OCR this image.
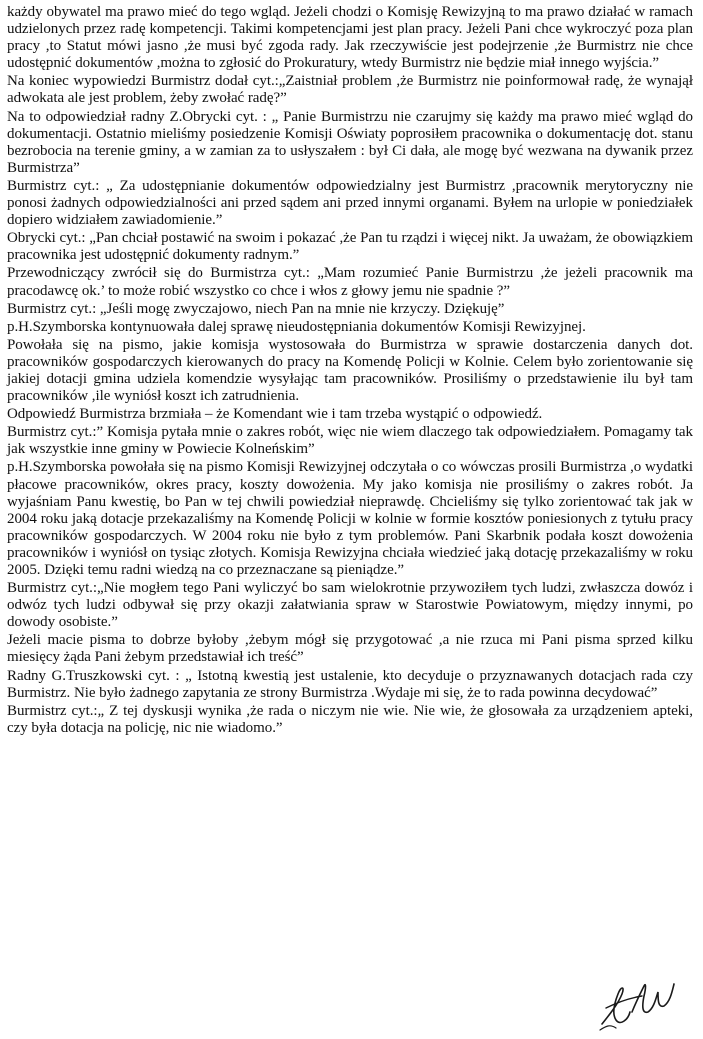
każdy obywatel ma prawo mieć do tego wgląd. Jeżeli chodzi o Komisję Rewizyjną to ma prawo działać w ramach udzielonych przez radę kompetencji. Takimi kompetencjami jest plan pracy. Jeżeli Pani chce wykroczyć poza plan pracy ,to Statut mówi jasno ,że musi być zgoda rady. Jak rzeczywiście jest podejrzenie ,że Burmistrz nie chce udostępnić dokumentów ,można to zgłosić do Prokuratury, wtedy Burmistrz nie będzie miał innego wyjścia.”

Na koniec wypowiedzi Burmistrz dodał cyt.:„Zaistniał problem ,że Burmistrz nie poinformował radę, że wynajął adwokata ale jest problem, żeby zwołać radę?”

Na to odpowiedział radny Z.Obrycki cyt. : „ Panie Burmistrzu nie czarujmy się każdy ma prawo mieć wgląd do dokumentacji. Ostatnio mieliśmy posiedzenie Komisji Oświaty poprosiłem pracownika o dokumentację dot. stanu bezrobocia na terenie gminy, a w zamian za to usłyszałem : był Ci dała, ale mogę być wezwana na dywanik przez Burmistrza”

Burmistrz cyt.: „ Za udostępnianie dokumentów odpowiedzialny jest Burmistrz ,pracownik merytoryczny nie ponosi żadnych odpowiedzialności ani przed sądem ani przed innymi organami. Byłem na urlopie w poniedziałek dopiero widziałem zawiadomienie.”

Obrycki cyt.: „Pan chciał postawić na swoim i pokazać ,że Pan tu rządzi i więcej nikt. Ja uważam, że obowiązkiem pracownika jest udostępnić dokumenty radnym.”

Przewodniczący zwrócił się do Burmistrza cyt.: „Mam rozumieć Panie Burmistrzu ,że jeżeli pracownik ma pracodawcę ok.’ to może robić wszystko co chce i włos z głowy jemu nie spadnie ?”

Burmistrz cyt.: „Jeśli mogę zwyczajowo, niech Pan na mnie nie krzyczy. Dziękuję”

p.H.Szymborska kontynuowała dalej sprawę nieudostępniania dokumentów Komisji Rewizyjnej.

Powołała się na pismo, jakie komisja wystosowała do Burmistrza w sprawie dostarczenia danych dot. pracowników gospodarczych kierowanych do pracy na Komendę Policji w Kolnie. Celem było zorientowanie się jakiej dotacji gmina udziela komendzie wysyłając tam pracowników. Prosiliśmy o przedstawienie ilu był tam pracowników ,ile wyniósł koszt ich zatrudnienia.

Odpowiedź Burmistrza brzmiała – że Komendant wie i tam trzeba wystąpić o odpowiedź.

Burmistrz cyt.:” Komisja pytała mnie o zakres robót, więc nie wiem dlaczego tak odpowiedziałem. Pomagamy tak jak wszystkie inne gminy w Powiecie Kolneńskim”

p.H.Szymborska powołała się na pismo Komisji Rewizyjnej odczytała o co wówczas prosili Burmistrza ,o wydatki płacowe pracowników, okres pracy, koszty dowożenia. My jako komisja nie prosiliśmy o zakres robót. Ja wyjaśniam Panu kwestię, bo Pan w tej chwili powiedział nieprawdę. Chcieliśmy się tylko zorientować tak jak w 2004 roku jaką dotacje przekazaliśmy na Komendę Policji w kolnie w formie kosztów poniesionych z tytułu pracy pracowników gospodarczych. W 2004 roku nie było z tym problemów. Pani Skarbnik podała koszt dowożenia pracowników i wyniósł on tysiąc złotych. Komisja Rewizyjna chciała wiedzieć jaką dotację przekazaliśmy w roku 2005. Dzięki temu radni wiedzą na co przeznaczane są pieniądze.”

Burmistrz cyt.:„Nie mogłem tego Pani wyliczyć bo sam wielokrotnie przywoziłem tych ludzi, zwłaszcza dowóz i odwóz tych ludzi odbywał się przy okazji załatwiania spraw w Starostwie Powiatowym, między innymi, po dowody osobiste.”

Jeżeli macie pisma to dobrze byłoby ,żebym mógł się przygotować ,a nie rzuca mi Pani pisma sprzed kilku miesięcy żąda Pani żebym przedstawiał ich treść”

Radny G.Truszkowski cyt. : „ Istotną kwestią jest ustalenie, kto decyduje o przyznawanych dotacjach rada czy Burmistrz. Nie było żadnego zapytania ze strony Burmistrza .Wydaje mi się, że to rada powinna decydować”

Burmistrz cyt.:„ Z tej dyskusji wynika ,że rada o niczym nie wie. Nie wie, że głosowała za urządzeniem apteki, czy była dotacja na policję, nic nie wiadomo.”
